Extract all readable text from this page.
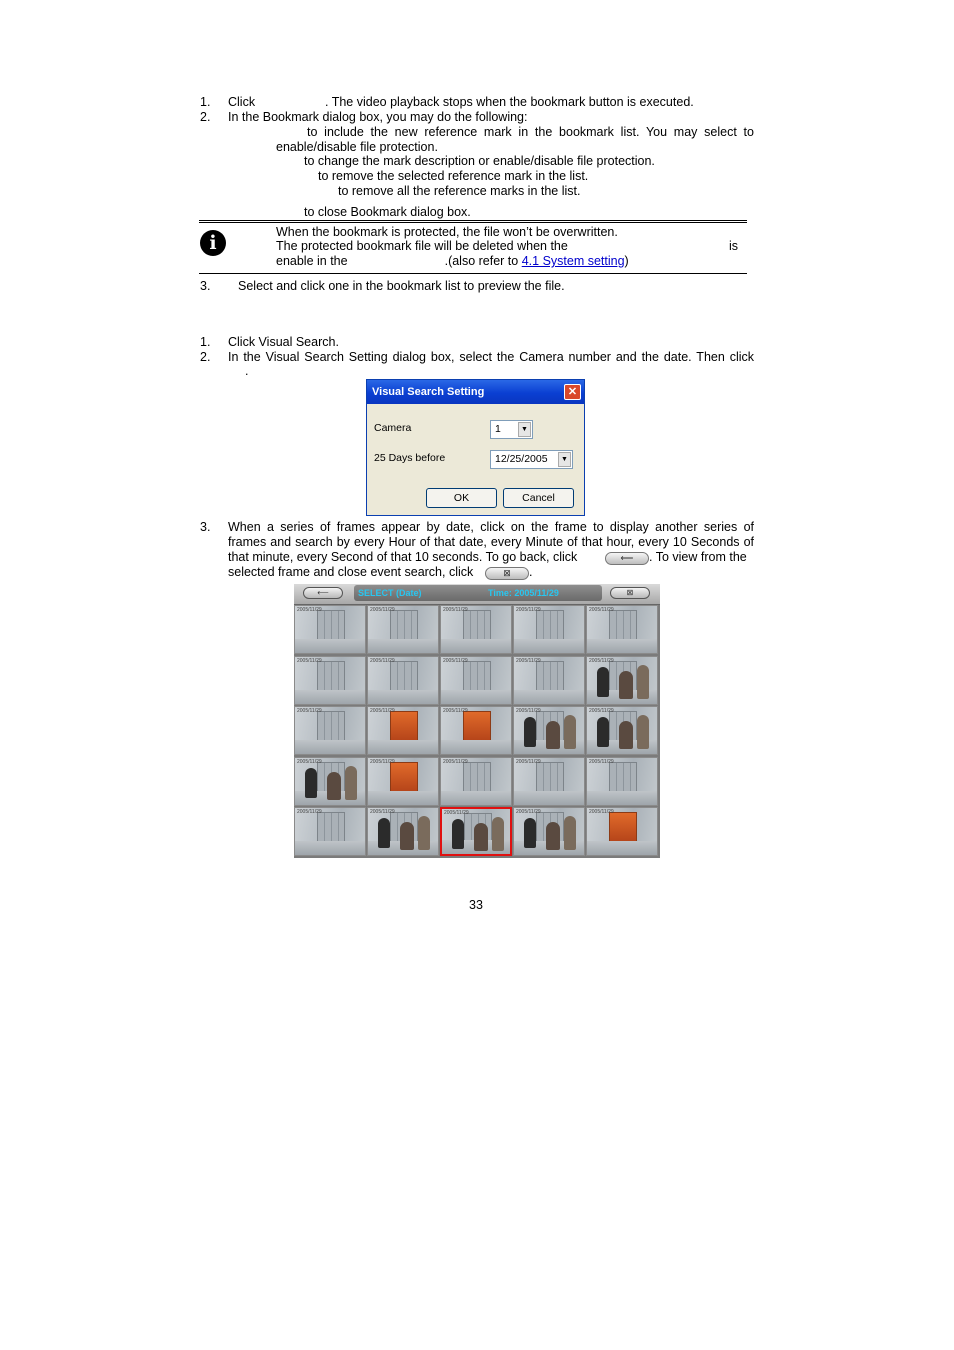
1. Click	. The video playback stops when the bookmark button is executed.
2. In the Bookmark dialog box, you may do the following:
to include the new reference mark in the bookmark list. You may select to
enable/disable file protection.
to change the mark description or enable/disable file protection.
to remove the selected reference mark in the list.
to remove all the reference marks in the list.
to close Bookmark dialog box.
i	When the bookmark is protected, the file won’t be overwritten.
The protected bookmark file will be deleted when the	is
enable in the	.(also refer to 4.1 System setting)
3. Select and click one in the bookmark list to preview the file.
1. Click Visual Search.
2. In the Visual Search Setting dialog box, select the Camera number and the date. Then click
.
Visual Search Setting	✕
Camera	1	▼
25 Days before	12/25/2005	▼
OK	Cancel
3. When a series of frames appear by date, click on the frame to display another series of
frames and search by every Hour of that date, every Minute of that hour, every 10 Seconds of
that minute, every Second of that 10 seconds. To go back, click	⟵	. To view from the
selected frame and close event search, click	⊠	.
⟵	SELECT (Date)	Time: 2005/11/29	⊠
2005/11/29	2005/11/29	2005/11/29	2005/11/29	2005/11/29
2005/11/29	2005/11/29	2005/11/29	2005/11/29	2005/11/29
2005/11/29	2005/11/29	2005/11/29	2005/11/29	2005/11/29
2005/11/29	2005/11/29	2005/11/29	2005/11/29	2005/11/29
2005/11/29	2005/11/29	2005/11/29	2005/11/29	2005/11/29
33
